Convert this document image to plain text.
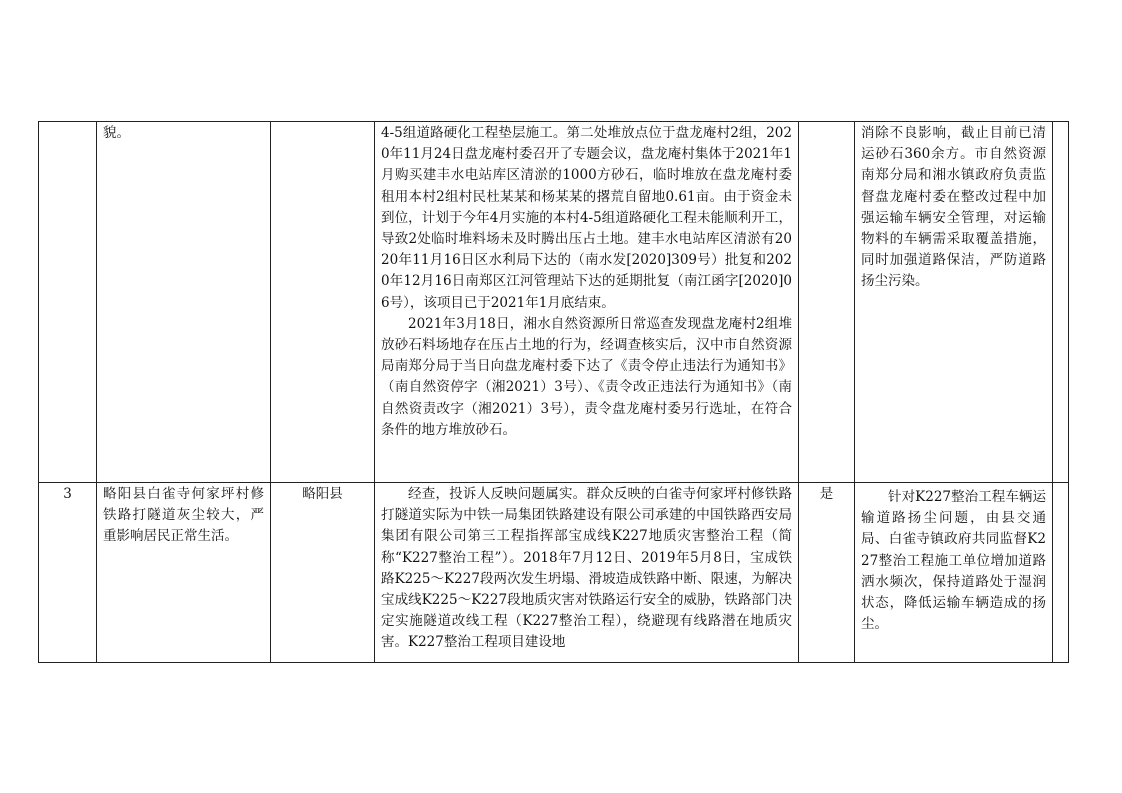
	貌。		4-5组道路硬化工程垫层施工。第二处堆放点位于盘龙庵村2组，2020年11月24日盘龙庵村委召开了专题会议，盘龙庵村集体于2021年1月购买建丰水电站库区清淤的1000方砂石，临时堆放在盘龙庵村委租用本村2组村民杜某某和杨某某的撂荒自留地0.61亩。由于资金未到位，计划于今年4月实施的本村4-5组道路硬化工程未能顺利开工，导致2处临时堆料场未及时腾出压占土地。建丰水电站库区清淤有2020年11月16日区水利局下达的（南水发[2020]309号）批复和2020年12月16日南郑区江河管理站下达的延期批复（南江函字[2020]06号），该项目已于2021年1月底结束。

2021年3月18日，湘水自然资源所日常巡查发现盘龙庵村2组堆放砂石料场地存在压占土地的行为，经调查核实后，汉中市自然资源局南郑分局于当日向盘龙庵村委下达了《责令停止违法行为通知书》（南自然资停字（湘2021）3号）、《责令改正违法行为通知书》（南自然资责改字（湘2021）3号），责令盘龙庵村委另行选址，在符合条件的地方堆放砂石。		消除不良影响，截止目前已清运砂石360余方。市自然资源南郑分局和湘水镇政府负责监督盘龙庵村委在整改过程中加强运输车辆安全管理，对运输物料的车辆需采取覆盖措施，同时加强道路保洁，严防道路扬尘污染。	
3	略阳县白雀寺何家坪村修铁路打隧道灰尘较大，严重影响居民正常生活。	略阳县	经查，投诉人反映问题属实。群众反映的白雀寺何家坪村修铁路打隧道实际为中铁一局集团铁路建设有限公司承建的中国铁路西安局集团有限公司第三工程指挥部宝成线K227地质灾害整治工程（简称“K227整治工程”）。2018年7月12日、2019年5月8日，宝成铁路K225～K227段两次发生坍塌、滑坡造成铁路中断、限速，为解决宝成线K225～K227段地质灾害对铁路运行安全的威胁，铁路部门决定实施隧道改线工程（K227整治工程），绕避现有线路潜在地质灾害。K227整治工程项目建设地	是	针对K227整治工程车辆运输道路扬尘问题，由县交通局、白雀寺镇政府共同监督K227整治工程施工单位增加道路洒水频次，保持道路处于湿润状态，降低运输车辆造成的扬尘。	
